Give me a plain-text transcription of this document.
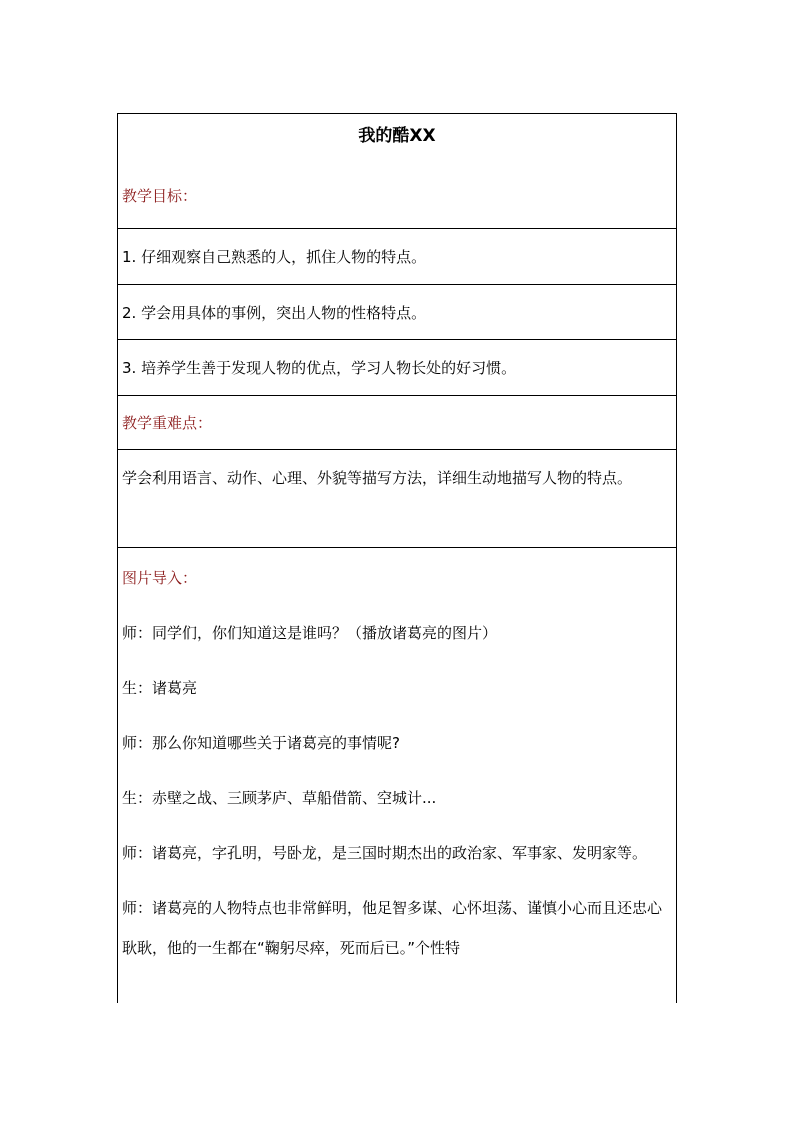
我的酷XX
教学目标：
1. 仔细观察自己熟悉的人，抓住人物的特点。
2. 学会用具体的事例，突出人物的性格特点。
3. 培养学生善于发现人物的优点，学习人物长处的好习惯。
教学重难点：
学会利用语言、动作、心理、外貌等描写方法，详细生动地描写人物的特点。

图片导入：

师：同学们，你们知道这是谁吗？（播放诸葛亮的图片）

生：诸葛亮

师：那么你知道哪些关于诸葛亮的事情呢?

生：赤壁之战、三顾茅庐、草船借箭、空城计...

师：诸葛亮，字孔明，号卧龙，是三国时期杰出的政治家、军事家、发明家等。

师：诸葛亮的人物特点也非常鲜明，他足智多谋、心怀坦荡、谨慎小心而且还忠心耿耿，他的一生都在“鞠躬尽瘁，死而后已。”个性特
